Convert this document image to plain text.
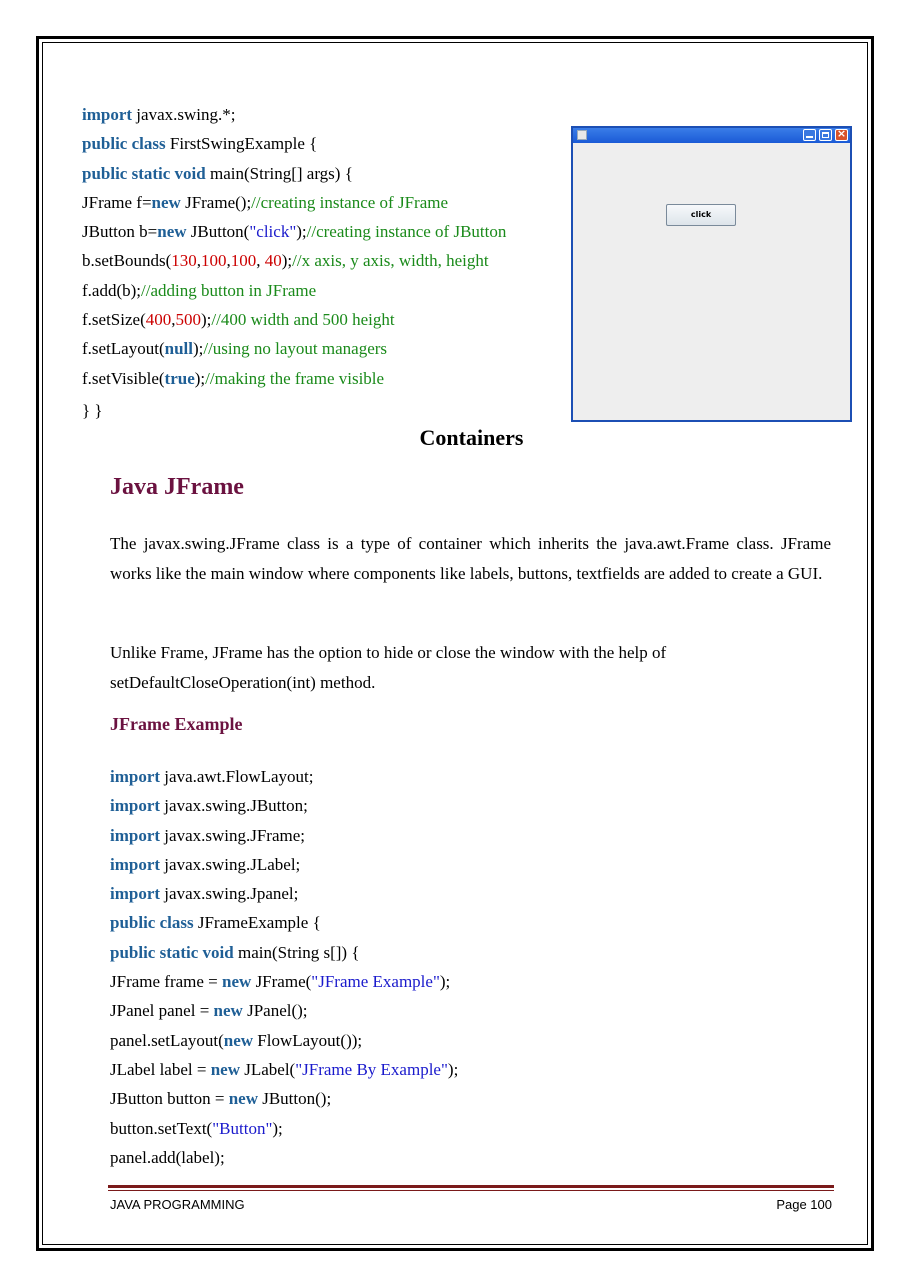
import javax.swing.*;
public class FirstSwingExample {
public static void main(String[] args) {
JFrame f=new JFrame();//creating instance of JFrame
JButton b=new JButton("click");//creating instance of JButton
b.setBounds(130,100,100, 40);//x axis, y axis, width, height
f.add(b);//adding button in JFrame
f.setSize(400,500);//400 width and 500 height
f.setLayout(null);//using no layout managers
f.setVisible(true);//making the frame visible
×
click
} }
Containers
Java JFrame
The javax.swing.JFrame class is a type of container which inherits the java.awt.Frame class. JFrame works like the main window where components like labels, buttons, textfields are added to create a GUI.
Unlike Frame, JFrame has the option to hide or close the window with the help of
setDefaultCloseOperation(int) method.
JFrame Example
import java.awt.FlowLayout;
import javax.swing.JButton;
import javax.swing.JFrame;
import javax.swing.JLabel;
import javax.swing.Jpanel;
public class JFrameExample {
public static void main(String s[]) {
JFrame frame = new JFrame("JFrame Example");
JPanel panel = new JPanel();
panel.setLayout(new FlowLayout());
JLabel label = new JLabel("JFrame By Example");
JButton button = new JButton();
button.setText("Button");
panel.add(label);
JAVA PROGRAMMING	Page 100
